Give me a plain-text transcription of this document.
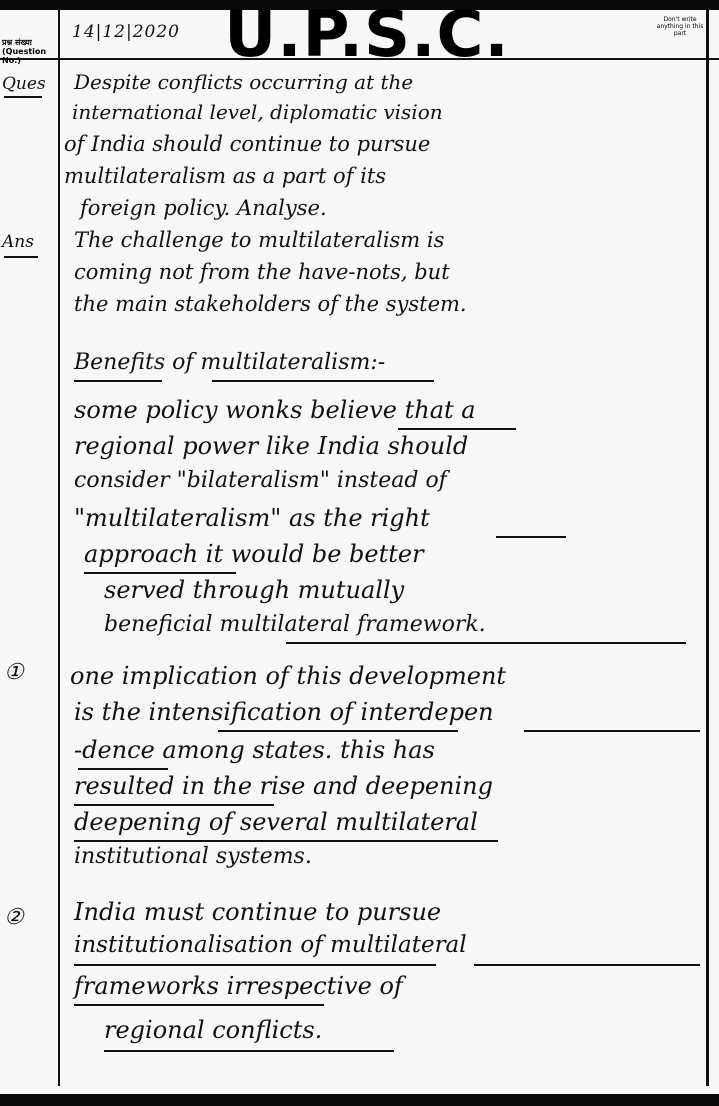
U.P.S.C.
प्रश्न संख्या (Question No.)
Don't write anything in this part
14|12|2020
Ques
Ans
①
②
Despite conflicts occurring at the
international level, diplomatic vision
of India should continue to pursue
multilateralism as a part of its
foreign policy. Analyse.
The challenge to multilateralism is
coming not from the have-nots, but
the main stakeholders of the system.
Benefits of multilateralism:-
some policy wonks believe that a
regional power like India should
consider "bilateralism" instead of
"multilateralism" as the right
approach it would be better
served through mutually
beneficial multilateral framework.
one implication of this development
is the intensification of interdepen
-dence among states. this has
resulted in the rise and deepening
deepening of several multilateral
institutional systems.
India must continue to pursue
institutionalisation of multilateral
frameworks irrespective of
regional conflicts.
